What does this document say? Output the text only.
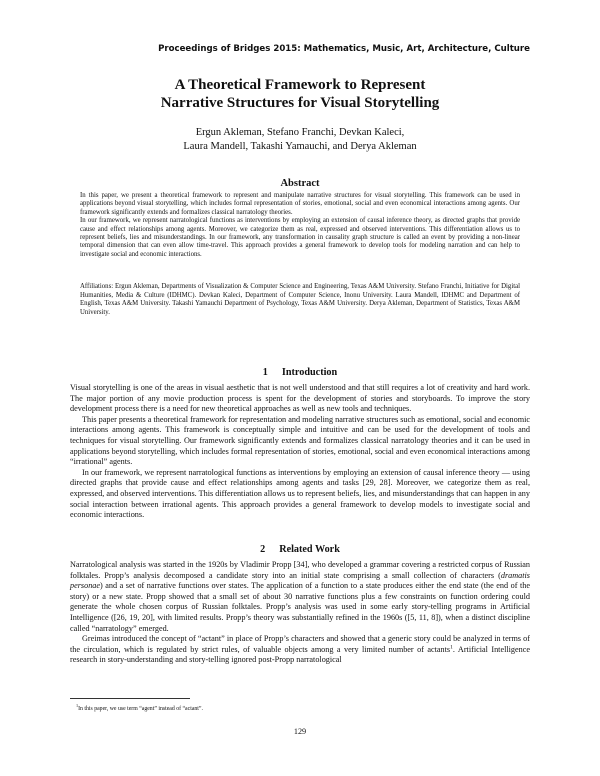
Proceedings of Bridges 2015: Mathematics, Music, Art, Architecture, Culture
A Theoretical Framework to Represent
Narrative Structures for Visual Storytelling
Ergun Akleman, Stefano Franchi, Devkan Kaleci,
Laura Mandell, Takashi Yamauchi, and Derya Akleman
Abstract
In this paper, we present a theoretical framework to represent and manipulate narrative structures for visual storytelling. This framework can be used in applications beyond visual storytelling, which includes formal representation of stories, emotional, social and even economical interactions among agents. Our framework significantly extends and formalizes classical narratology theories.
In our framework, we represent narratological functions as interventions by employing an extension of causal inference theory, as directed graphs that provide cause and effect relationships among agents. Moreover, we categorize them as real, expressed and observed interventions. This differentiation allows us to represent beliefs, lies and misunderstandings. In our framework, any transformation in causality graph structure is called an event by providing a non-linear temporal dimension that can even allow time-travel. This approach provides a general framework to develop tools for modeling narration and can help to investigate social and economic interactions.
Affiliations: Ergun Akleman, Departments of Visualization & Computer Science and Engineering, Texas A&M University. Stefano Franchi, Initiative for Digital Humanities, Media & Culture (IDHMC). Devkan Kaleci, Department of Computer Science, Inonu University. Laura Mandell, IDHMC and Department of English, Texas A&M University. Takashi Yamauchi Department of Psychology, Texas A&M University. Derya Akleman, Department of Statistics, Texas A&M University.
1 Introduction

Visual storytelling is one of the areas in visual aesthetic that is not well understood and that still requires a lot of creativity and hard work. The major portion of any movie production process is spent for the development of stories and storyboards. To improve the story development process there is a need for new theoretical approaches as well as new tools and techniques.

This paper presents a theoretical framework for representation and modeling narrative structures such as emotional, social and economic interactions among agents. This framework is conceptually simple and intuitive and can be used for the development of tools and techniques for visual storytelling. Our framework significantly extends and formalizes classical narratology theories and it can be used in applications beyond storytelling, which includes formal representation of stories, emotional, social and even economical interactions among “irrational” agents.

In our framework, we represent narratological functions as interventions by employing an extension of causal inference theory — using directed graphs that provide cause and effect relationships among agents and tasks [29, 28]. Moreover, we categorize them as real, expressed, and observed interventions. This differentiation allows us to represent beliefs, lies, and misunderstandings that can happen in any social interaction between irrational agents. This approach provides a general framework to develop models to investigate social and economic interactions.

2 Related Work

Narratological analysis was started in the 1920s by Vladimir Propp [34], who developed a grammar covering a restricted corpus of Russian folktales. Propp’s analysis decomposed a candidate story into an initial state comprising a small collection of characters (dramatis personae) and a set of narrative functions over states. The application of a function to a state produces either the end state (the end of the story) or a new state. Propp showed that a small set of about 30 narrative functions plus a few constraints on function ordering could generate the whole chosen corpus of Russian folktales. Propp’s analysis was used in some early story-telling programs in Artificial Intelligence ([26, 19, 20], with limited results. Propp’s theory was substantially refined in the 1960s ([5, 11, 8]), when a distinct discipline called “narratology” emerged.

Greimas introduced the concept of “actant” in place of Propp’s characters and showed that a generic story could be analyzed in terms of the circulation, which is regulated by strict rules, of valuable objects among a very limited number of actants$^1$. Artificial Intelligence research in story-understanding and story-telling ignored post-Propp narratological

$^1$In this paper, we use term “agent” instead of “actant”.
129
